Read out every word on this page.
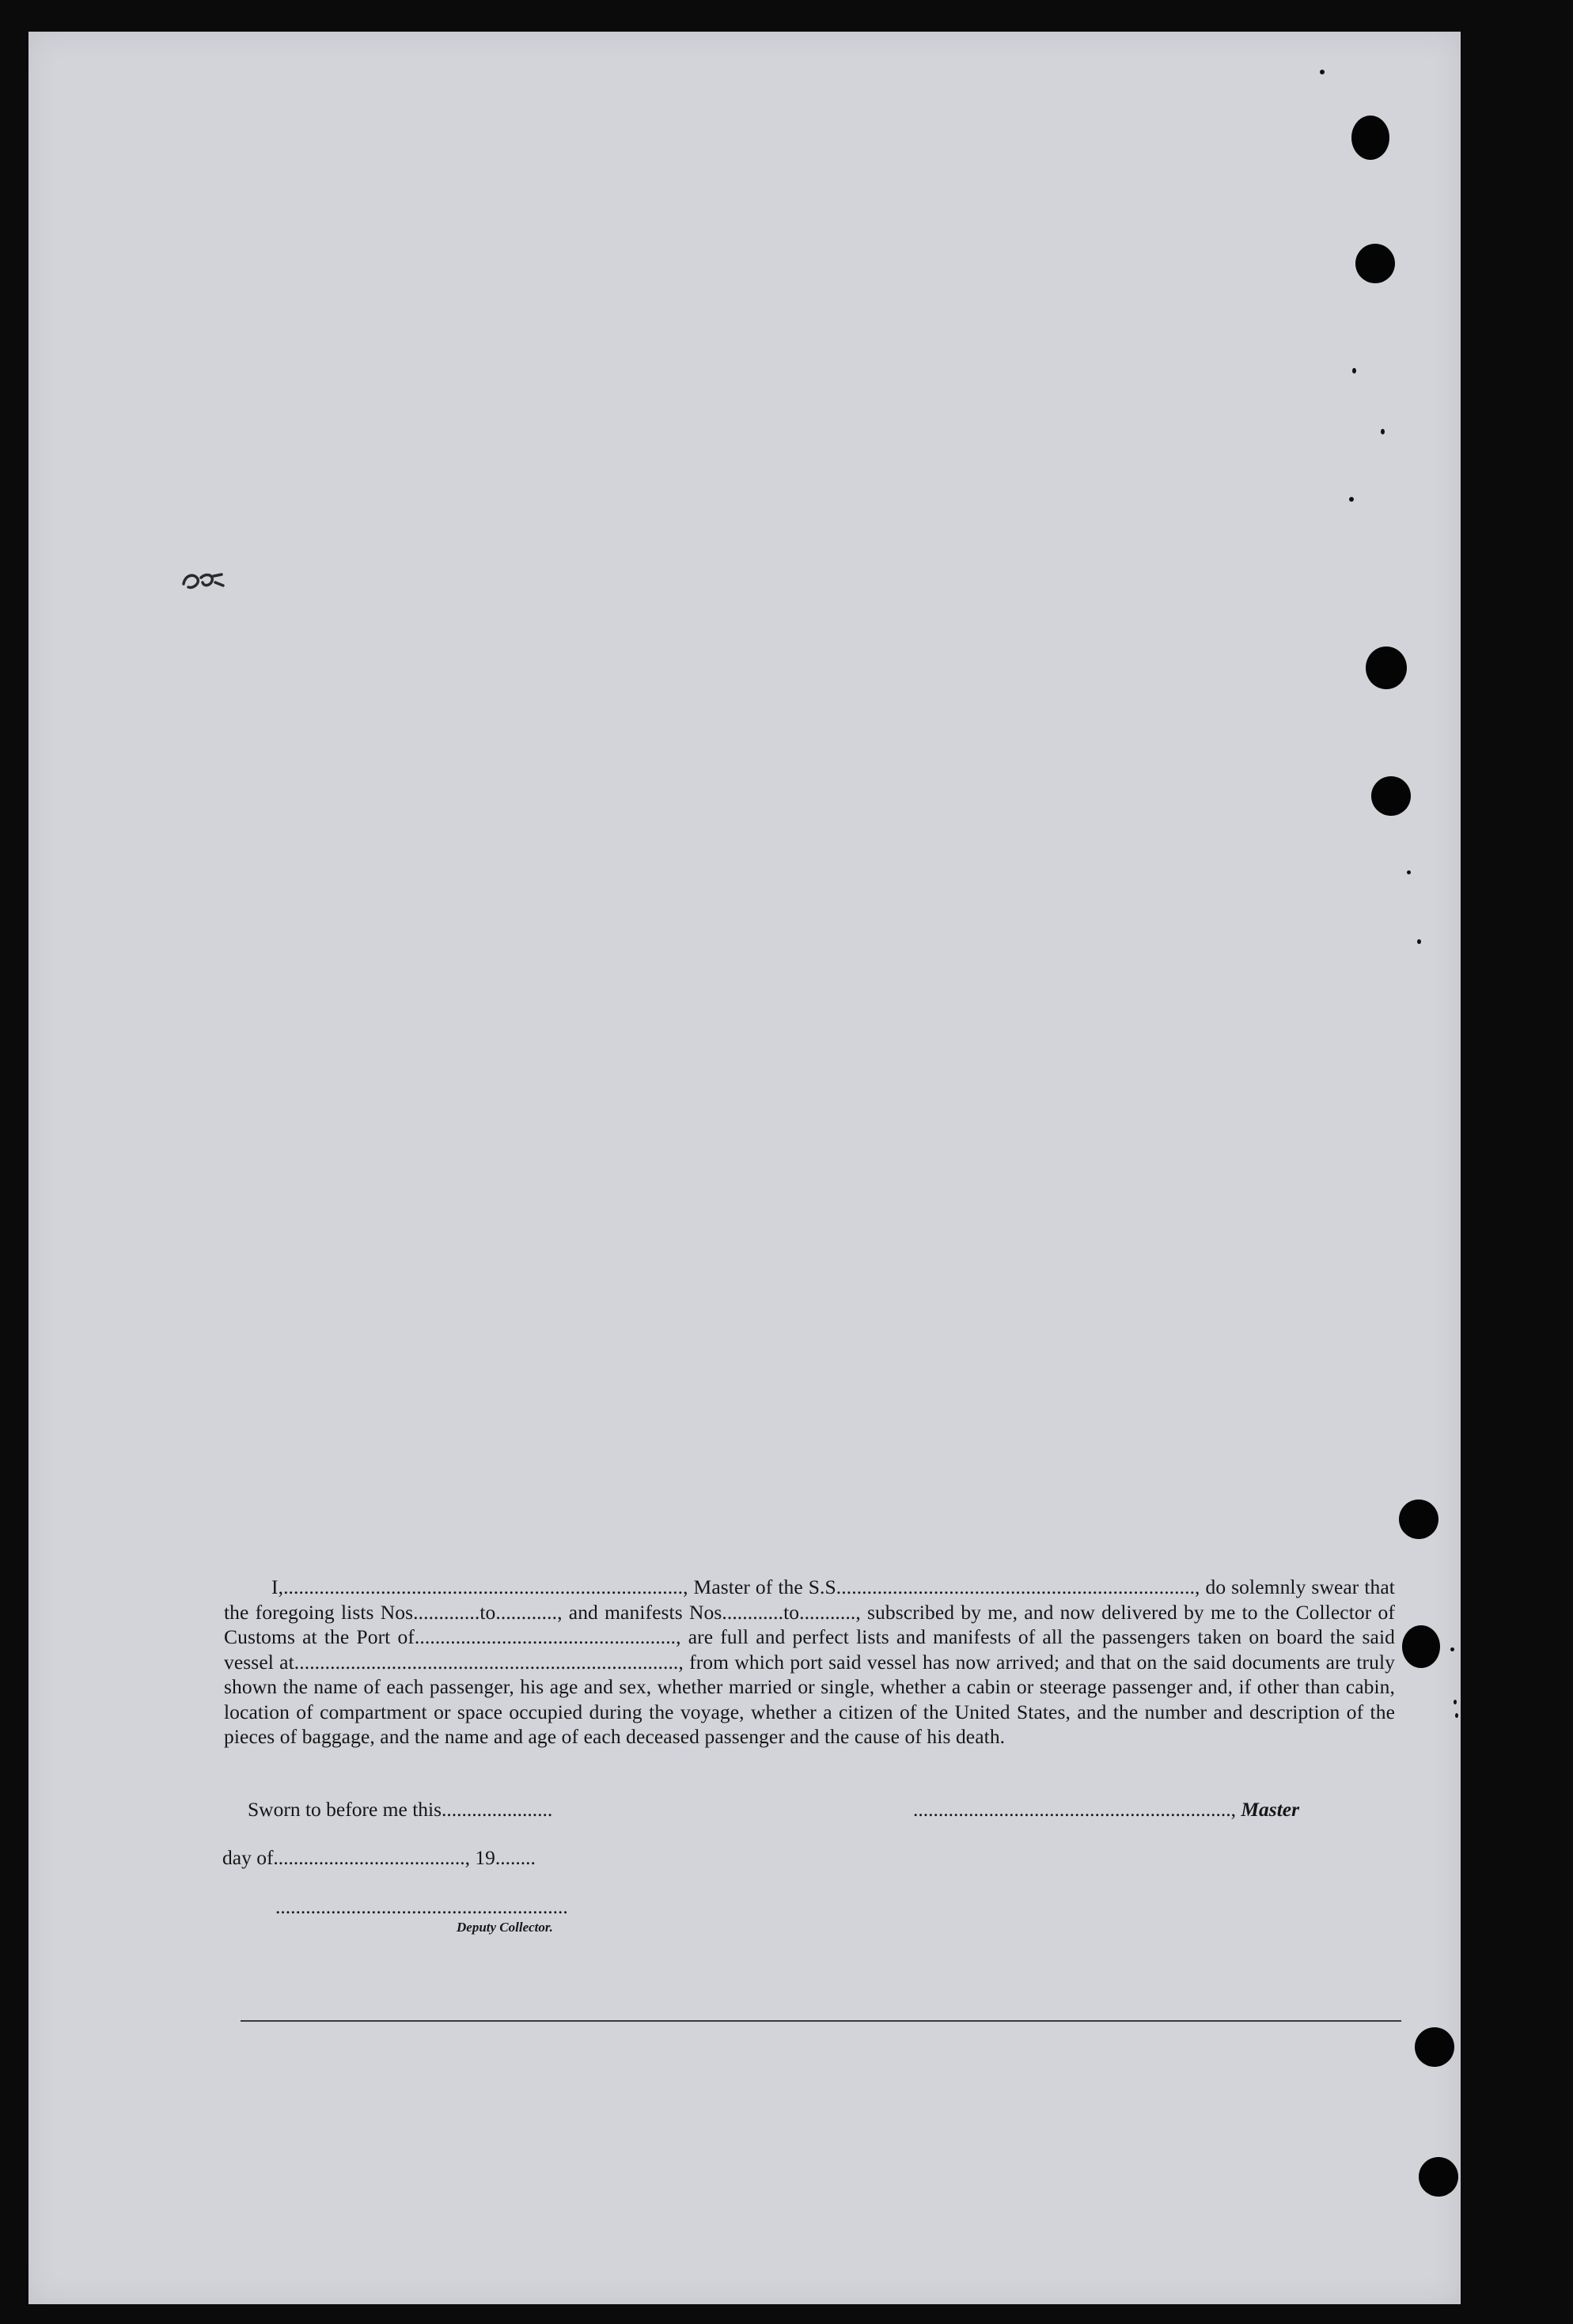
I,.............................................................................., Master of the S.S......................................................................, do solemnly swear that the foregoing lists Nos.............to............, and manifests Nos............to..........., subscribed by me, and now delivered by me to the Collector of Customs at the Port of..................................................., are full and perfect lists and manifests of all the passengers taken on board the said vessel at..........................................................................., from which port said vessel has now arrived; and that on the said documents are truly shown the name of each passenger, his age and sex, whether married or single, whether a cabin or steerage passenger and, if other than cabin, location of compartment or space occupied during the voyage, whether a citizen of the United States, and the number and description of the pieces of baggage, and the name and age of each deceased passenger and the cause of his death.

Sworn to before me this......................	..............................................................., Master
day of......................................, 19........
..........................................................
Deputy Collector.
